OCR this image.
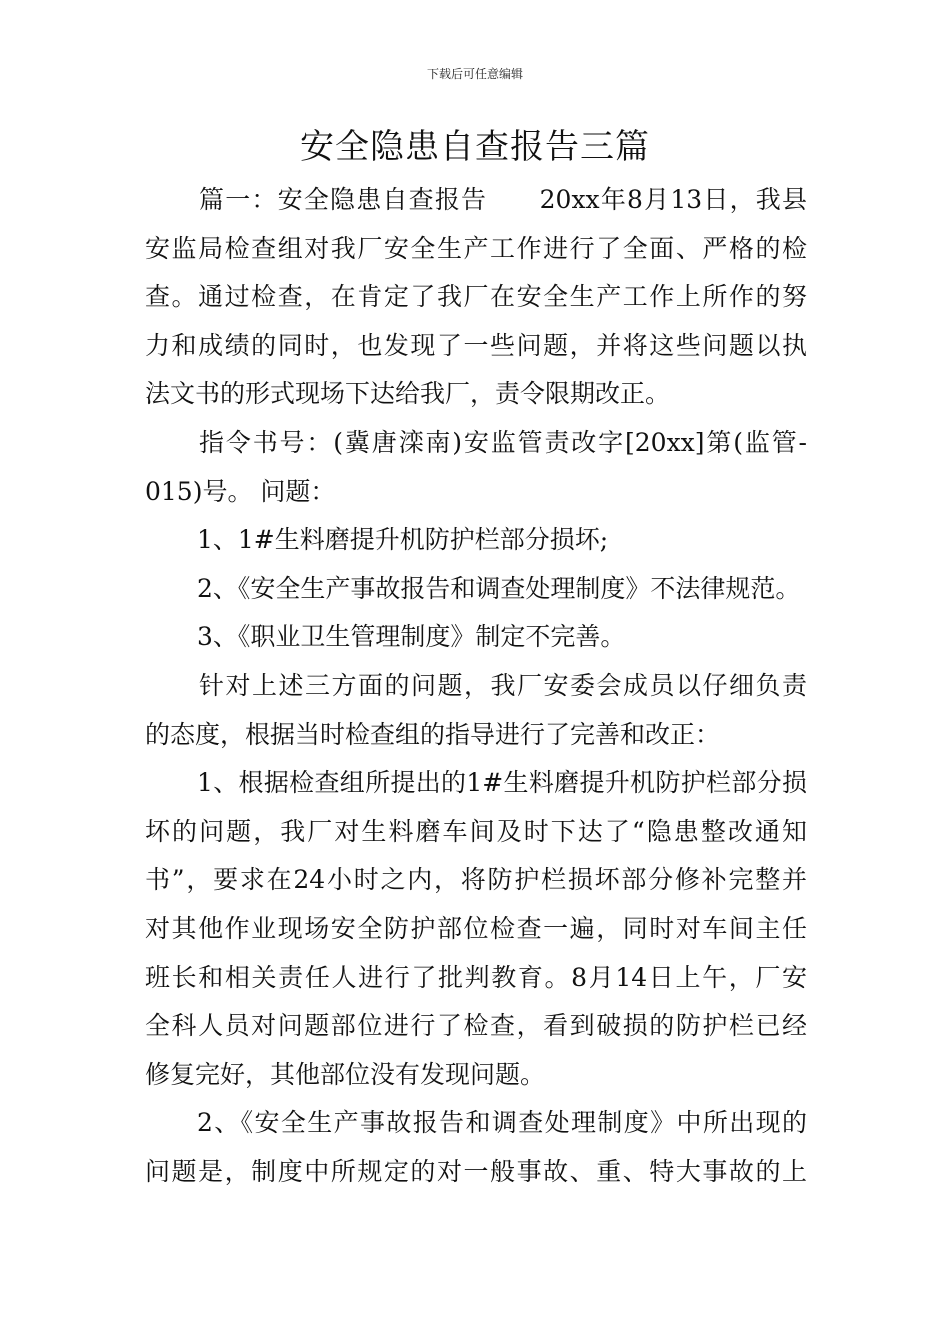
下载后可任意编辑
安全隐患自查报告三篇
篇一：安全隐患自查报告　　20xx年8月13日，我县
安监局检查组对我厂安全生产工作进行了全面、严格的检
查。通过检查，在肯定了我厂在安全生产工作上所作的努
力和成绩的同时，也发现了一些问题，并将这些问题以执
法文书的形式现场下达给我厂，责令限期改正。
指令书号：(冀唐滦南)安监管责改字[20xx]第(监管-
015)号。 问题：
1、1#生料磨提升机防护栏部分损坏;
2、《安全生产事故报告和调查处理制度》不法律规范。
3、《职业卫生管理制度》制定不完善。
针对上述三方面的问题，我厂安委会成员以仔细负责
的态度，根据当时检查组的指导进行了完善和改正：
1、根据检查组所提出的1#生料磨提升机防护栏部分损
坏的问题，我厂对生料磨车间及时下达了“隐患整改通知
书”，要求在24小时之内，将防护栏损坏部分修补完整并
对其他作业现场安全防护部位检查一遍，同时对车间主任
班长和相关责任人进行了批判教育。8月14日上午，厂安
全科人员对问题部位进行了检查，看到破损的防护栏已经
修复完好，其他部位没有发现问题。
2、《安全生产事故报告和调查处理制度》中所出现的
问题是，制度中所规定的对一般事故、重、特大事故的上
